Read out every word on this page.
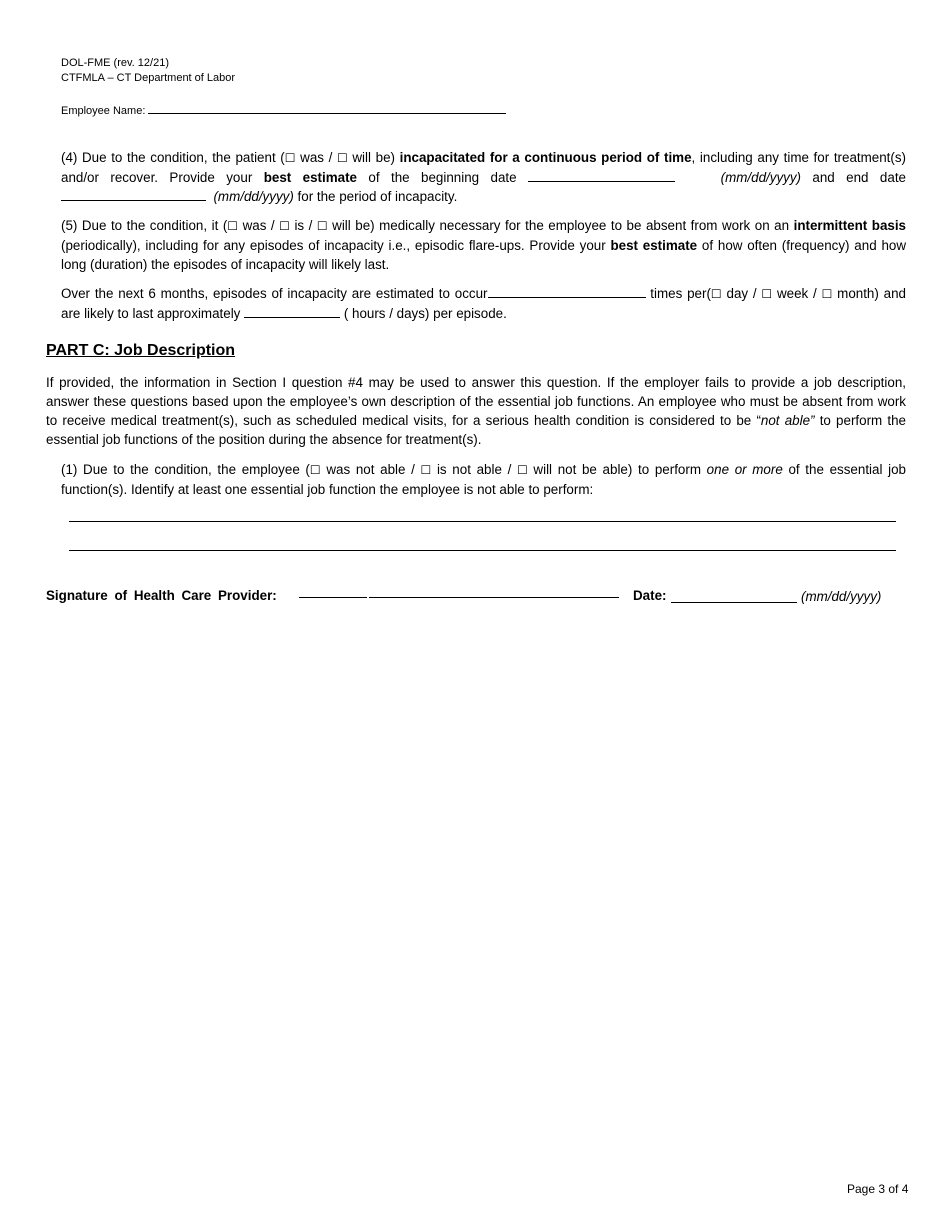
DOL-FME (rev. 12/21)
CTFMLA – CT Department of Labor
Employee Name:
(4) Due to the condition, the patient (☐ was / ☐ will be) incapacitated for a continuous period of time, including any time for treatment(s) and/or recover. Provide your best estimate of the beginning date	(mm/dd/yyyy) and end date   (mm/dd/yyyy) for the period of incapacity.
(5) Due to the condition, it (☐ was / ☐ is / ☐ will be) medically necessary for the employee to be absent from work on an intermittent basis (periodically), including for any episodes of incapacity i.e., episodic flare-ups. Provide your best estimate of how often (frequency) and how long (duration) the episodes of incapacity will likely last.
Over the next 6 months, episodes of incapacity are estimated to occur	times per(☐ day / ☐ week / ☐ month) and are likely to last approximately	( hours / days) per episode.
PART C: Job Description
If provided, the information in Section I question #4 may be used to answer this question. If the employer fails to provide a job description, answer these questions based upon the employee’s own description of the essential job functions. An employee who must be absent from work to receive medical treatment(s), such as scheduled medical visits, for a serious health condition is considered to be “not able” to perform the essential job functions of the position during the absence for treatment(s).
(1) Due to the condition, the employee (☐ was not able / ☐ is not able / ☐ will not be able) to perform one or more of the essential job function(s). Identify at least one essential job function the employee is not able to perform:
Signature of Health Care Provider:	Date:	(mm/dd/yyyy)
Page 3 of 4
